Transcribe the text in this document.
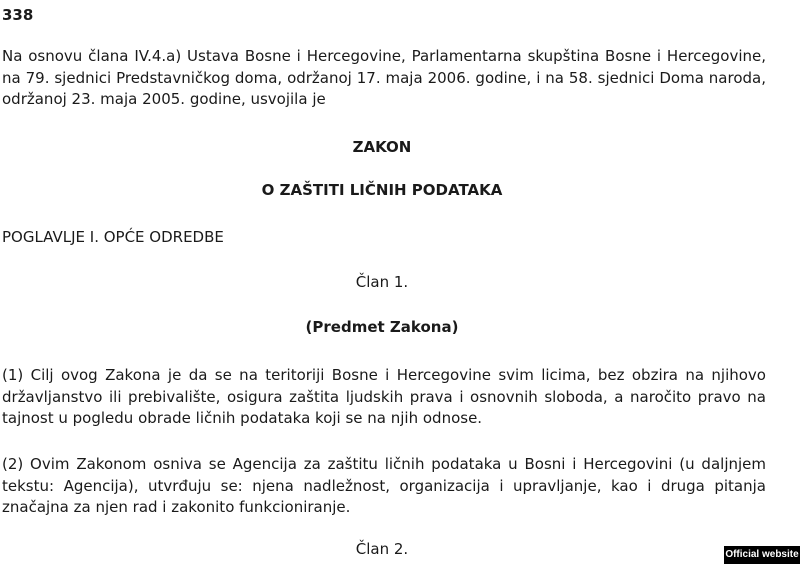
338
Na osnovu člana IV.4.a) Ustava Bosne i Hercegovine, Parlamentarna skupština Bosne i Hercegovine, na 79. sjednici Predstavničkog doma, održanoj 17. maja 2006. godine, i na 58. sjednici Doma naroda, održanoj 23. maja 2005. godine, usvojila je
ZAKON
O ZAŠTITI LIČNIH PODATAKA
POGLAVLJE I. OPĆE ODREDBE
Član 1.
(Predmet Zakona)
(1) Cilj ovog Zakona je da se na teritoriji Bosne i Hercegovine svim licima, bez obzira na njihovo državljanstvo ili prebivalište, osigura zaštita ljudskih prava i osnovnih sloboda, a naročito pravo na tajnost u pogledu obrade ličnih podataka koji se na njih odnose.
(2) Ovim Zakonom osniva se Agencija za zaštitu ličnih podataka u Bosni i Hercegovini (u daljnjem tekstu: Agencija), utvrđuju se: njena nadležnost, organizacija i upravljanje, kao i druga pitanja značajna za njen rad i zakonito funkcioniranje.
Član 2.	Official website
